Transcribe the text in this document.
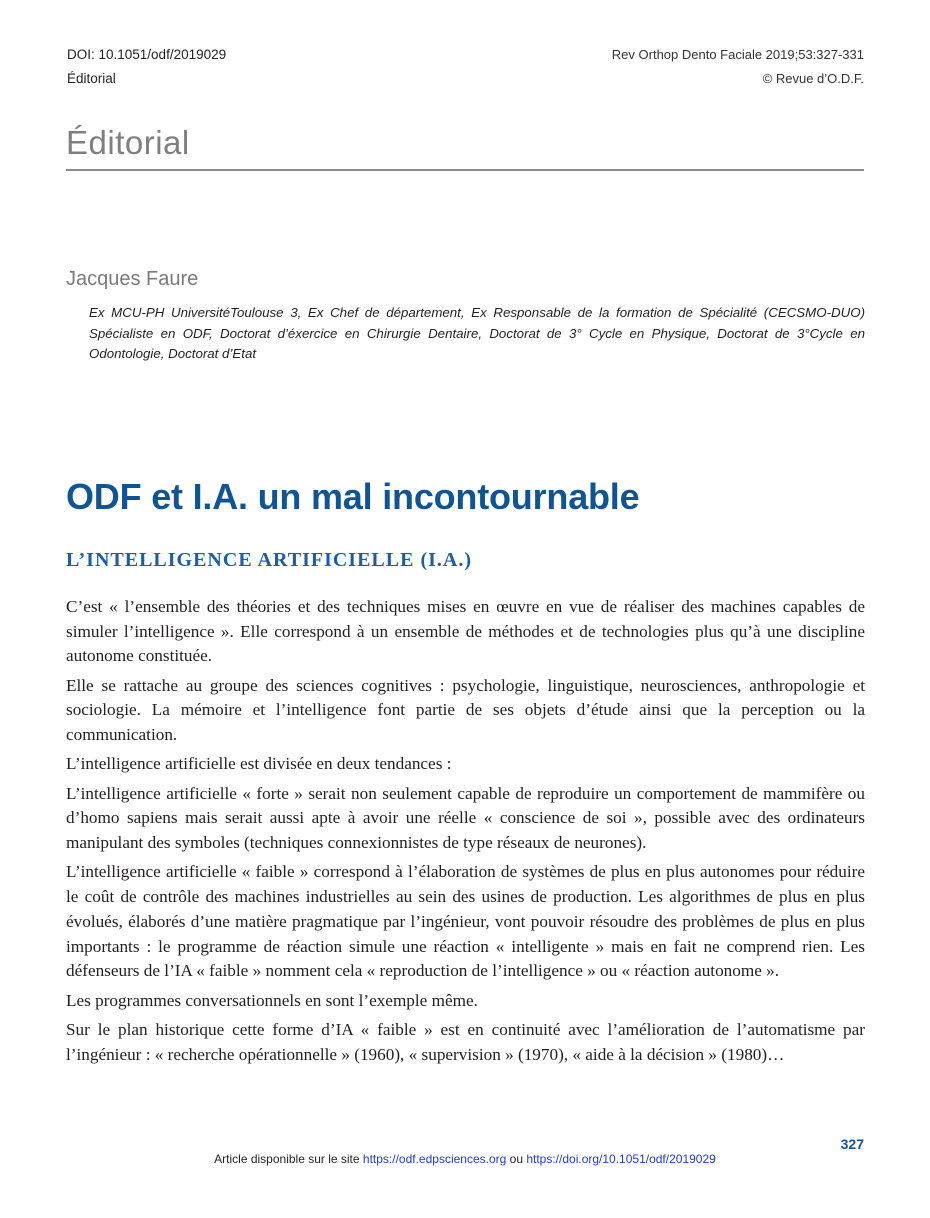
DOI: 10.1051/odf/2019029
Éditorial
Rev Orthop Dento Faciale 2019;53:327-331
© Revue d’O.D.F.
Éditorial
Jacques Faure
Ex MCU-PH UniversitéToulouse 3, Ex Chef de département, Ex Responsable de la formation de Spécialité (CECSMO-DUO) Spécialiste en ODF, Doctorat d’éxercice en Chirurgie Dentaire, Doctorat de 3° Cycle en Physique, Doctorat de 3°Cycle en Odontologie, Doctorat d’Etat
ODF et I.A. un mal incontournable
L’INTELLIGENCE ARTIFICIELLE (I.A.)

C’est « l’ensemble des théories et des techniques mises en œuvre en vue de réaliser des machines capables de simuler l’intelligence ». Elle correspond à un ensemble de méthodes et de technologies plus qu’à une discipline autonome constituée.

Elle se rattache au groupe des sciences cognitives : psychologie, linguistique, neurosciences, anthropologie et sociologie. La mémoire et l’intelligence font partie de ses objets d’étude ainsi que la perception ou la communication.

L’intelligence artificielle est divisée en deux tendances :

L’intelligence artificielle « forte » serait non seulement capable de reproduire un comportement de mammifère ou d’homo sapiens mais serait aussi apte à avoir une réelle « conscience de soi », possible avec des ordinateurs manipulant des symboles (techniques connexionnistes de type réseaux de neurones).

L’intelligence artificielle « faible » correspond à l’élaboration de systèmes de plus en plus autonomes pour réduire le coût de contrôle des machines industrielles au sein des usines de production. Les algorithmes de plus en plus évolués, élaborés d’une matière pragmatique par l’ingénieur, vont pouvoir résoudre des problèmes de plus en plus importants : le programme de réaction simule une réaction « intelligente » mais en fait ne comprend rien. Les défenseurs de l’IA « faible » nomment cela « reproduction de l’intelligence » ou « réaction autonome ».

Les programmes conversationnels en sont l’exemple même.

Sur le plan historique cette forme d’IA « faible » est en continuité avec l’amélioration de l’automatisme par l’ingénieur : « recherche opérationnelle » (1960), « supervision » (1970), « aide à la décision » (1980)…

327
Article disponible sur le site https://odf.edpsciences.org ou https://doi.org/10.1051/odf/2019029
